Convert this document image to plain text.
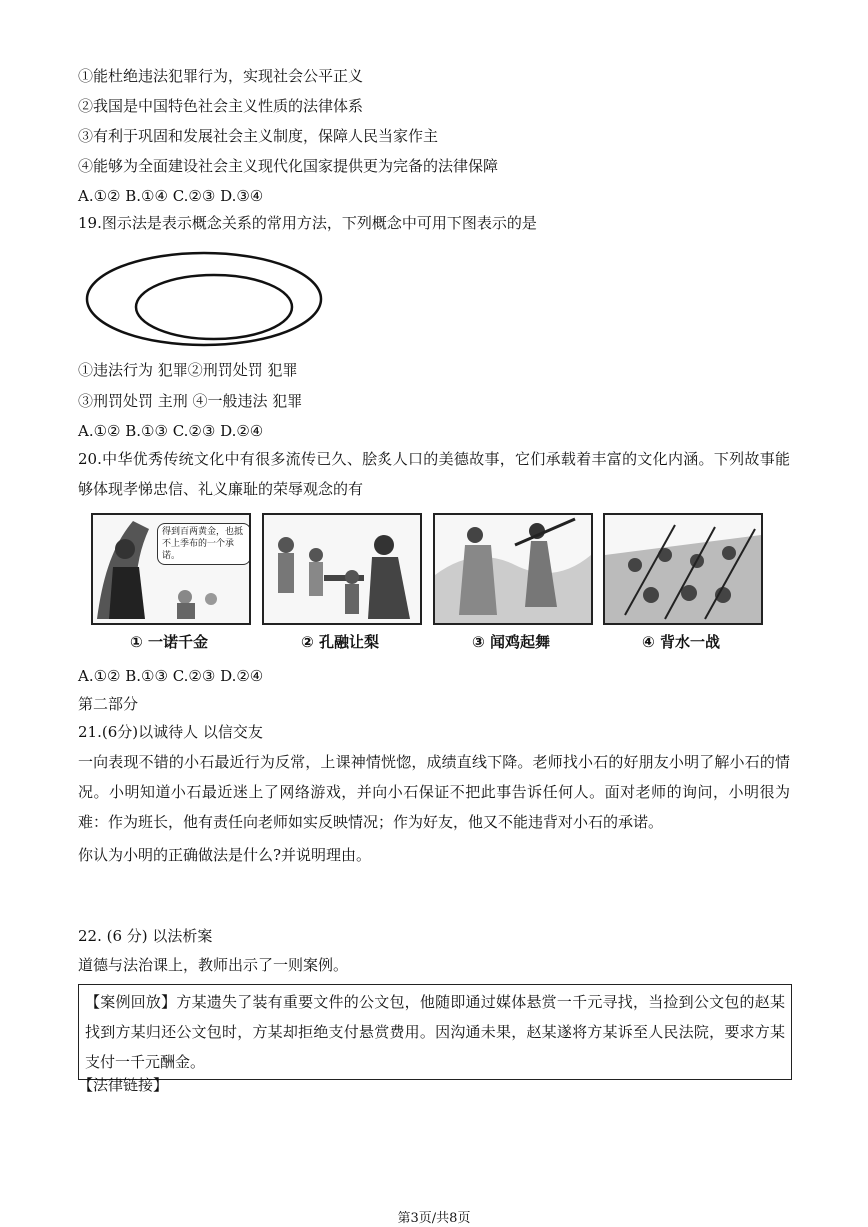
①能杜绝违法犯罪行为，实现社会公平正义
②我国是中国特色社会主义性质的法律体系
③有利于巩固和发展社会主义制度，保障人民当家作主
④能够为全面建设社会主义现代化国家提供更为完备的法律保障
A.①② B.①④ C.②③ D.③④
19.图示法是表示概念关系的常用方法，下列概念中可用下图表示的是
①违法行为 犯罪②刑罚处罚 犯罪
③刑罚处罚 主刑 ④一般违法 犯罪
A.①② B.①③ C.②③ D.②④
20.中华优秀传统文化中有很多流传已久、脍炙人口的美德故事，它们承载着丰富的文化内涵。下列故事能够体现孝悌忠信、礼义廉耻的荣辱观念的有
得到百两黄金，也抵不上季布的一个承诺。
① 一诺千金	② 孔融让梨	③ 闻鸡起舞	④ 背水一战
A.①② B.①③ C.②③ D.②④
第二部分
21.(6分)以诚待人 以信交友
一向表现不错的小石最近行为反常，上课神情恍惚，成绩直线下降。老师找小石的好朋友小明了解小石的情况。小明知道小石最近迷上了网络游戏，并向小石保证不把此事告诉任何人。面对老师的询问，小明很为难：作为班长，他有责任向老师如实反映情况；作为好友，他又不能违背对小石的承诺。
你认为小明的正确做法是什么?并说明理由。
22. (6 分) 以法析案
道德与法治课上，教师出示了一则案例。
【案例回放】方某遗失了装有重要文件的公文包，他随即通过媒体悬赏一千元寻找，当捡到公文包的赵某找到方某归还公文包时，方某却拒绝支付悬赏费用。因沟通未果，赵某遂将方某诉至人民法院，要求方某支付一千元酬金。
【法律链接】
第3页/共8页
